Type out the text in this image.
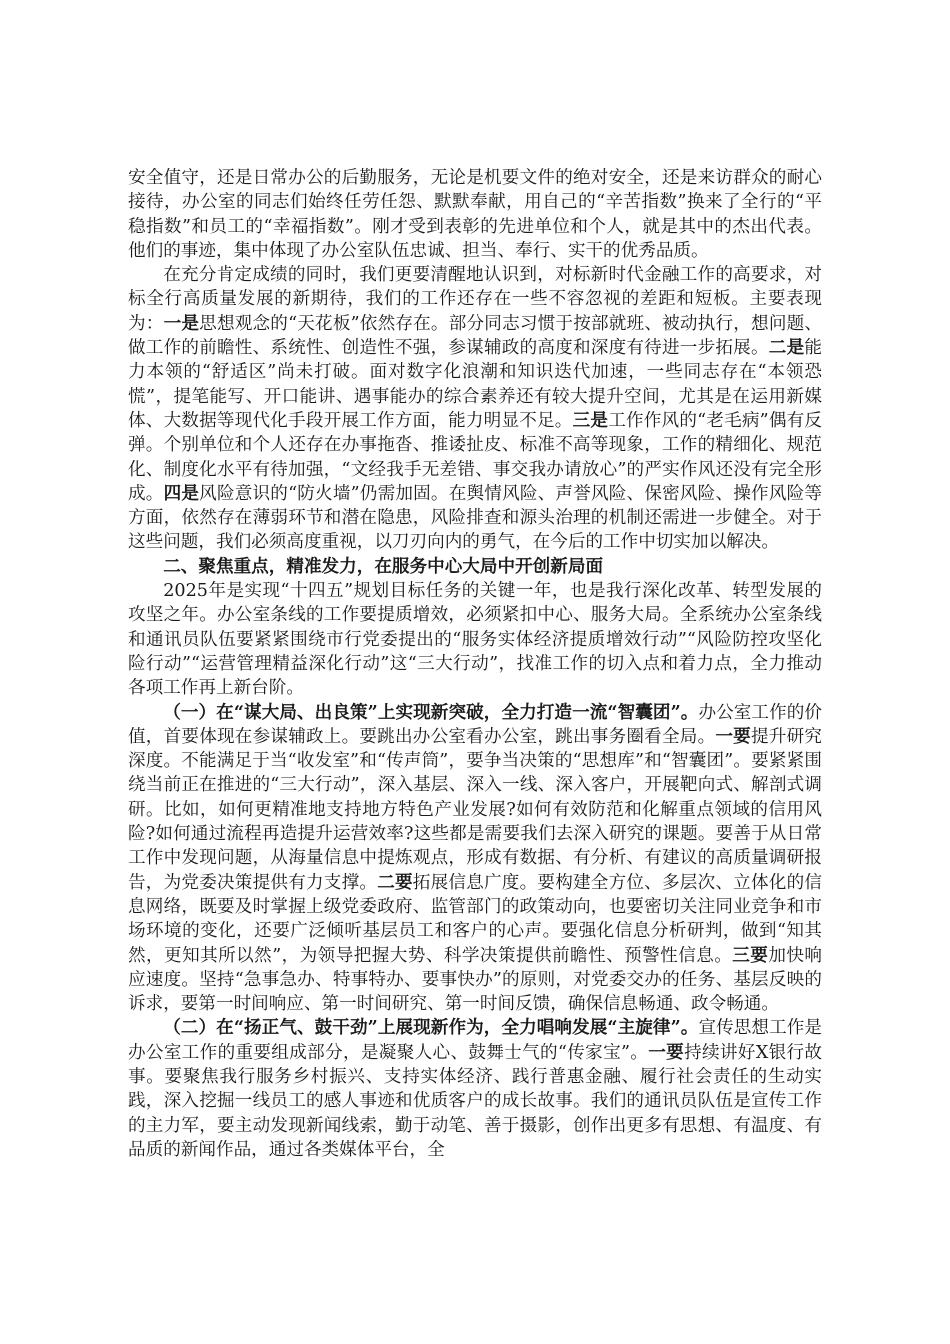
安全值守，还是日常办公的后勤服务，无论是机要文件的绝对安全，还是来访群众的耐心接待，办公室的同志们始终任劳任怨、默默奉献，用自己的“辛苦指数”换来了全行的“平稳指数”和员工的“幸福指数”。刚才受到表彰的先进单位和个人，就是其中的杰出代表。他们的事迹，集中体现了办公室队伍忠诚、担当、奉行、实干的优秀品质。

在充分肯定成绩的同时，我们更要清醒地认识到，对标新时代金融工作的高要求，对标全行高质量发展的新期待，我们的工作还存在一些不容忽视的差距和短板。主要表现为：一是思想观念的“天花板”依然存在。部分同志习惯于按部就班、被动执行，想问题、做工作的前瞻性、系统性、创造性不强，参谋辅政的高度和深度有待进一步拓展。二是能力本领的“舒适区”尚未打破。面对数字化浪潮和知识迭代加速，一些同志存在“本领恐慌”，提笔能写、开口能讲、遇事能办的综合素养还有较大提升空间，尤其是在运用新媒体、大数据等现代化手段开展工作方面，能力明显不足。三是工作作风的“老毛病”偶有反弹。个别单位和个人还存在办事拖沓、推诿扯皮、标准不高等现象，工作的精细化、规范化、制度化水平有待加强，“文经我手无差错、事交我办请放心”的严实作风还没有完全形成。四是风险意识的“防火墙”仍需加固。在舆情风险、声誉风险、保密风险、操作风险等方面，依然存在薄弱环节和潜在隐患，风险排查和源头治理的机制还需进一步健全。对于这些问题，我们必须高度重视，以刀刃向内的勇气，在今后的工作中切实加以解决。

二、聚焦重点，精准发力，在服务中心大局中开创新局面

2025年是实现“十四五”规划目标任务的关键一年，也是我行深化改革、转型发展的攻坚之年。办公室条线的工作要提质增效，必须紧扣中心、服务大局。全系统办公室条线和通讯员队伍要紧紧围绕市行党委提出的“服务实体经济提质增效行动”“风险防控攻坚化险行动”“运营管理精益深化行动”这“三大行动”，找准工作的切入点和着力点，全力推动各项工作再上新台阶。

（一）在“谋大局、出良策”上实现新突破，全力打造一流“智囊团”。办公室工作的价值，首要体现在参谋辅政上。要跳出办公室看办公室，跳出事务圈看全局。一要提升研究深度。不能满足于当“收发室”和“传声筒”，要争当决策的“思想库”和“智囊团”。要紧紧围绕当前正在推进的“三大行动”，深入基层、深入一线、深入客户，开展靶向式、解剖式调研。比如，如何更精准地支持地方特色产业发展?如何有效防范和化解重点领域的信用风险?如何通过流程再造提升运营效率?这些都是需要我们去深入研究的课题。要善于从日常工作中发现问题，从海量信息中提炼观点，形成有数据、有分析、有建议的高质量调研报告，为党委决策提供有力支撑。二要拓展信息广度。要构建全方位、多层次、立体化的信息网络，既要及时掌握上级党委政府、监管部门的政策动向，也要密切关注同业竞争和市场环境的变化，还要广泛倾听基层员工和客户的心声。要强化信息分析研判，做到“知其然，更知其所以然”，为领导把握大势、科学决策提供前瞻性、预警性信息。三要加快响应速度。坚持“急事急办、特事特办、要事快办”的原则，对党委交办的任务、基层反映的诉求，要第一时间响应、第一时间研究、第一时间反馈，确保信息畅通、政令畅通。

（二）在“扬正气、鼓干劲”上展现新作为，全力唱响发展“主旋律”。宣传思想工作是办公室工作的重要组成部分，是凝聚人心、鼓舞士气的“传家宝”。一要持续讲好X银行故事。要聚焦我行服务乡村振兴、支持实体经济、践行普惠金融、履行社会责任的生动实践，深入挖掘一线员工的感人事迹和优质客户的成长故事。我们的通讯员队伍是宣传工作的主力军，要主动发现新闻线索，勤于动笔、善于摄影，创作出更多有思想、有温度、有品质的新闻作品，通过各类媒体平台，全
